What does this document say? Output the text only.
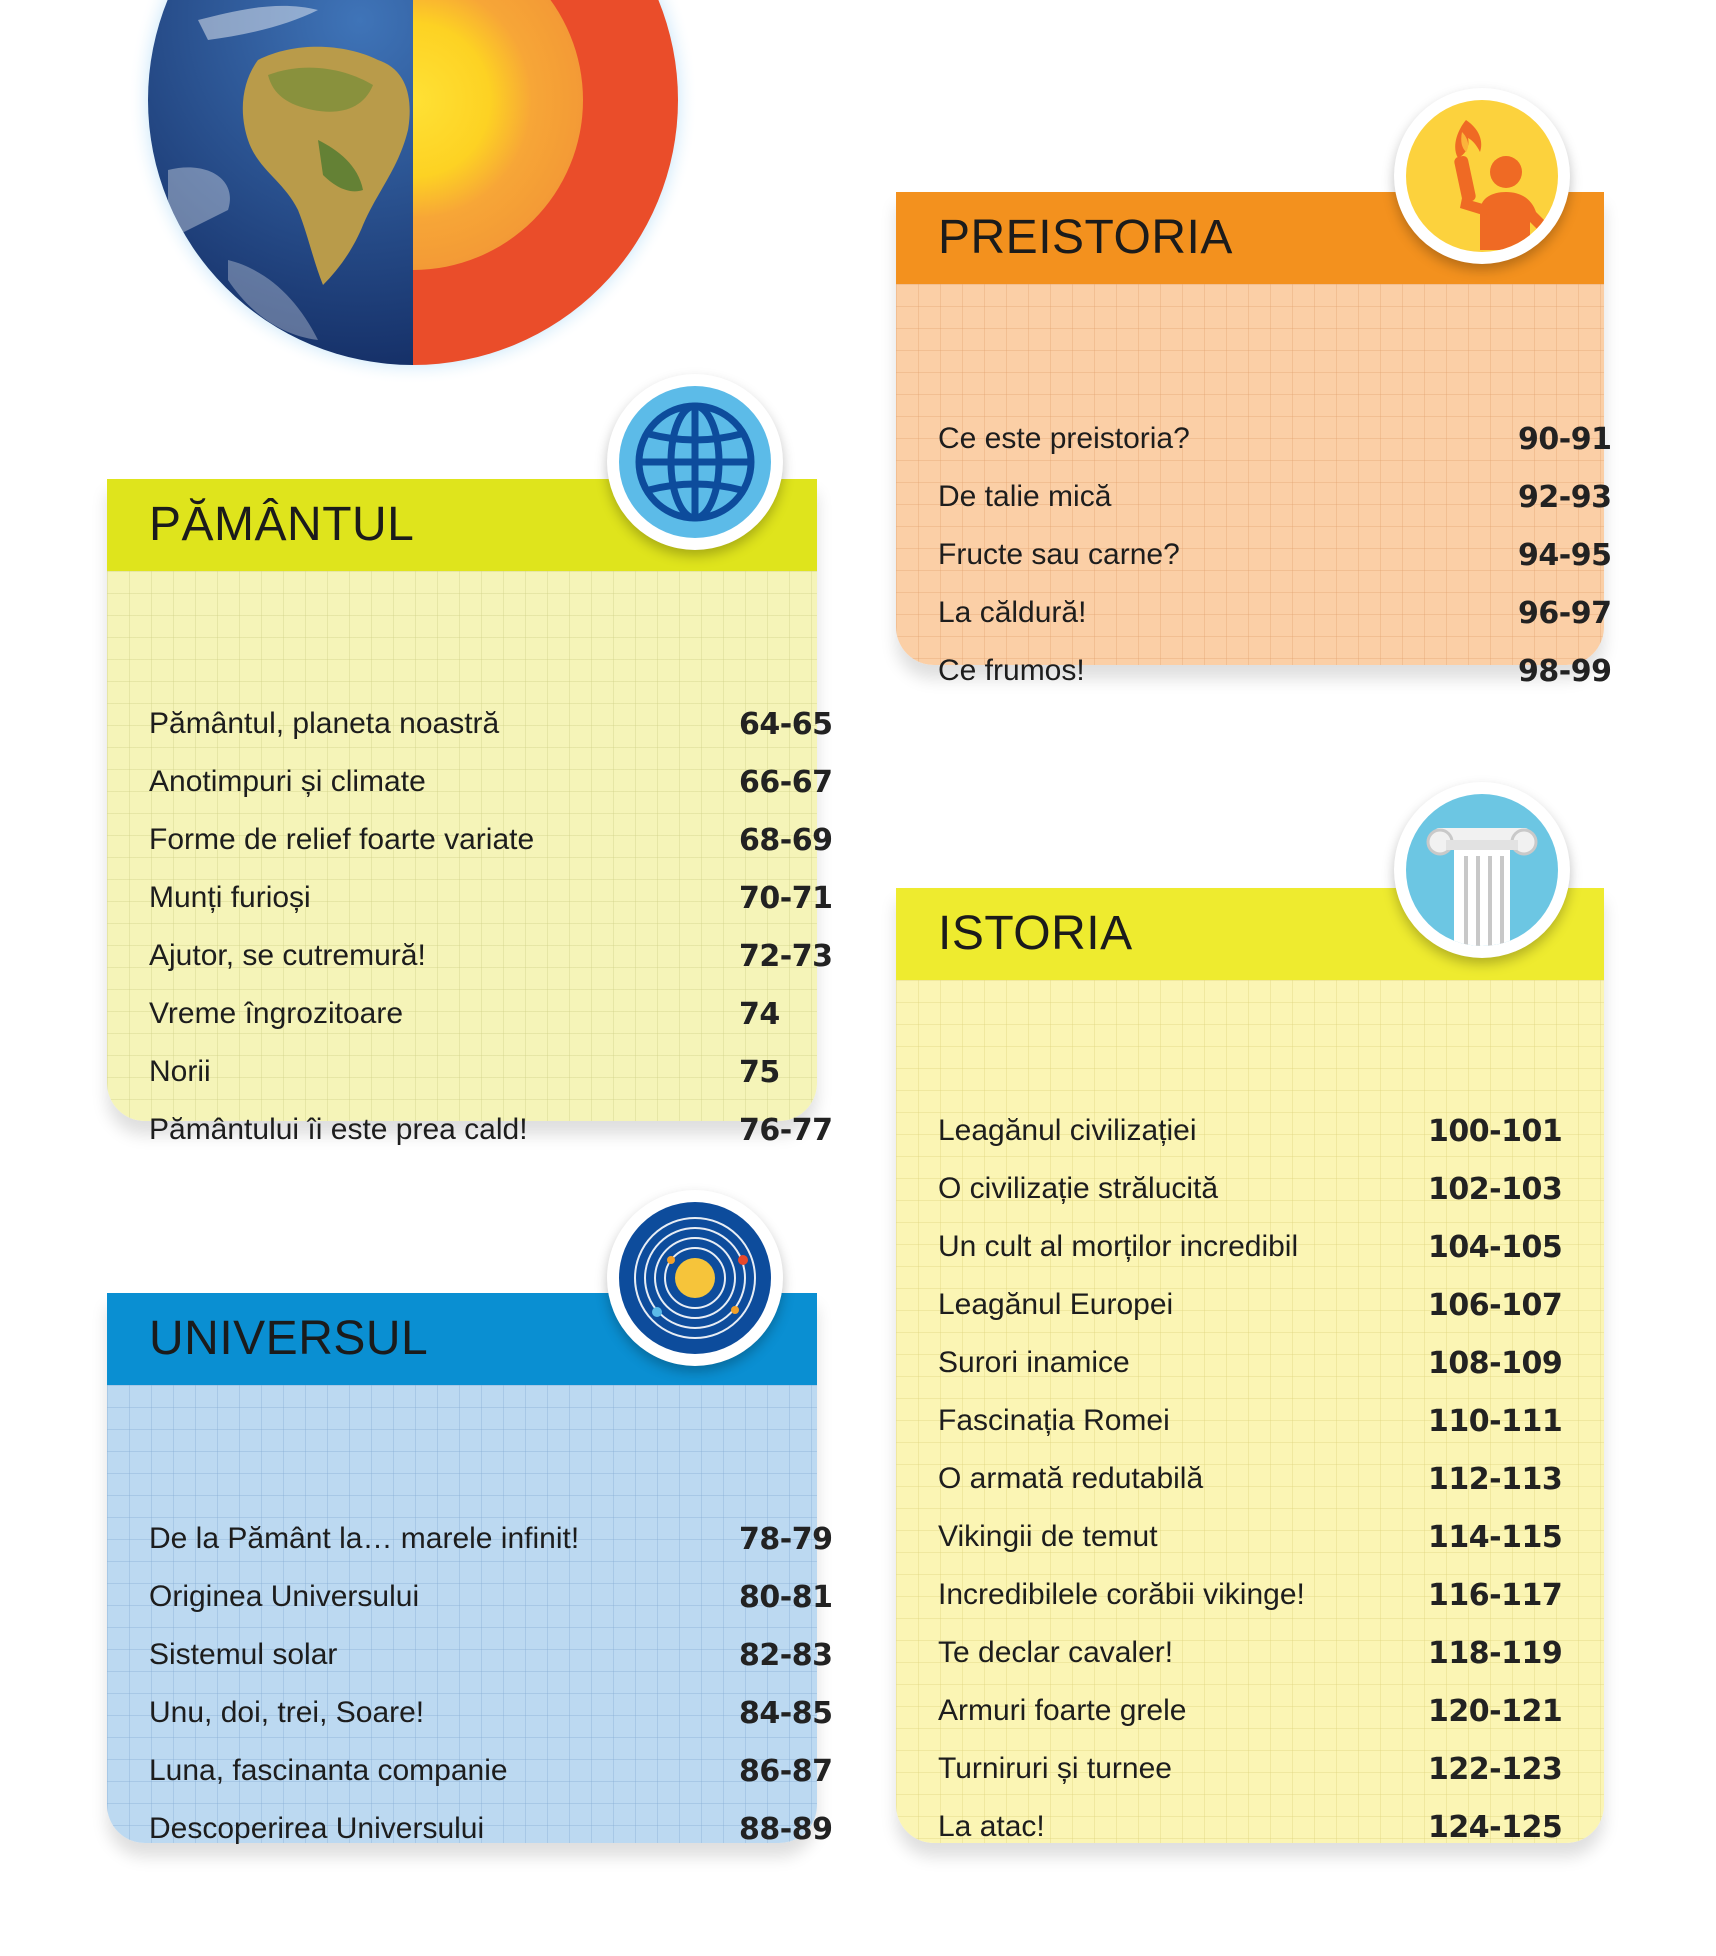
PĂMÂNTUL
Pământul, planeta noastră	64-65
Anotimpuri și climate	66-67
Forme de relief foarte variate	68-69
Munți furioși	70-71
Ajutor, se cutremură!	72-73
Vreme îngrozitoare	74
Norii	75
Pământului îi este prea cald!	76-77
UNIVERSUL
De la Pământ la… marele infinit!	78-79
Originea Universului	80-81
Sistemul solar	82-83
Unu, doi, trei, Soare!	84-85
Luna, fascinanta companie	86-87
Descoperirea Universului	88-89
PREISTORIA
Ce este preistoria?	90-91
De talie mică	92-93
Fructe sau carne?	94-95
La căldură!	96-97
Ce frumos!	98-99
ISTORIA
Leagănul civilizației	100-101
O civilizație strălucită	102-103
Un cult al morților incredibil	104-105
Leagănul Europei	106-107
Surori inamice	108-109
Fascinația Romei	110-111
O armată redutabilă	112-113
Vikingii de temut	114-115
Incredibilele corăbii vikinge!	116-117
Te declar cavaler!	118-119
Armuri foarte grele	120-121
Turniruri și turnee	122-123
La atac!	124-125
